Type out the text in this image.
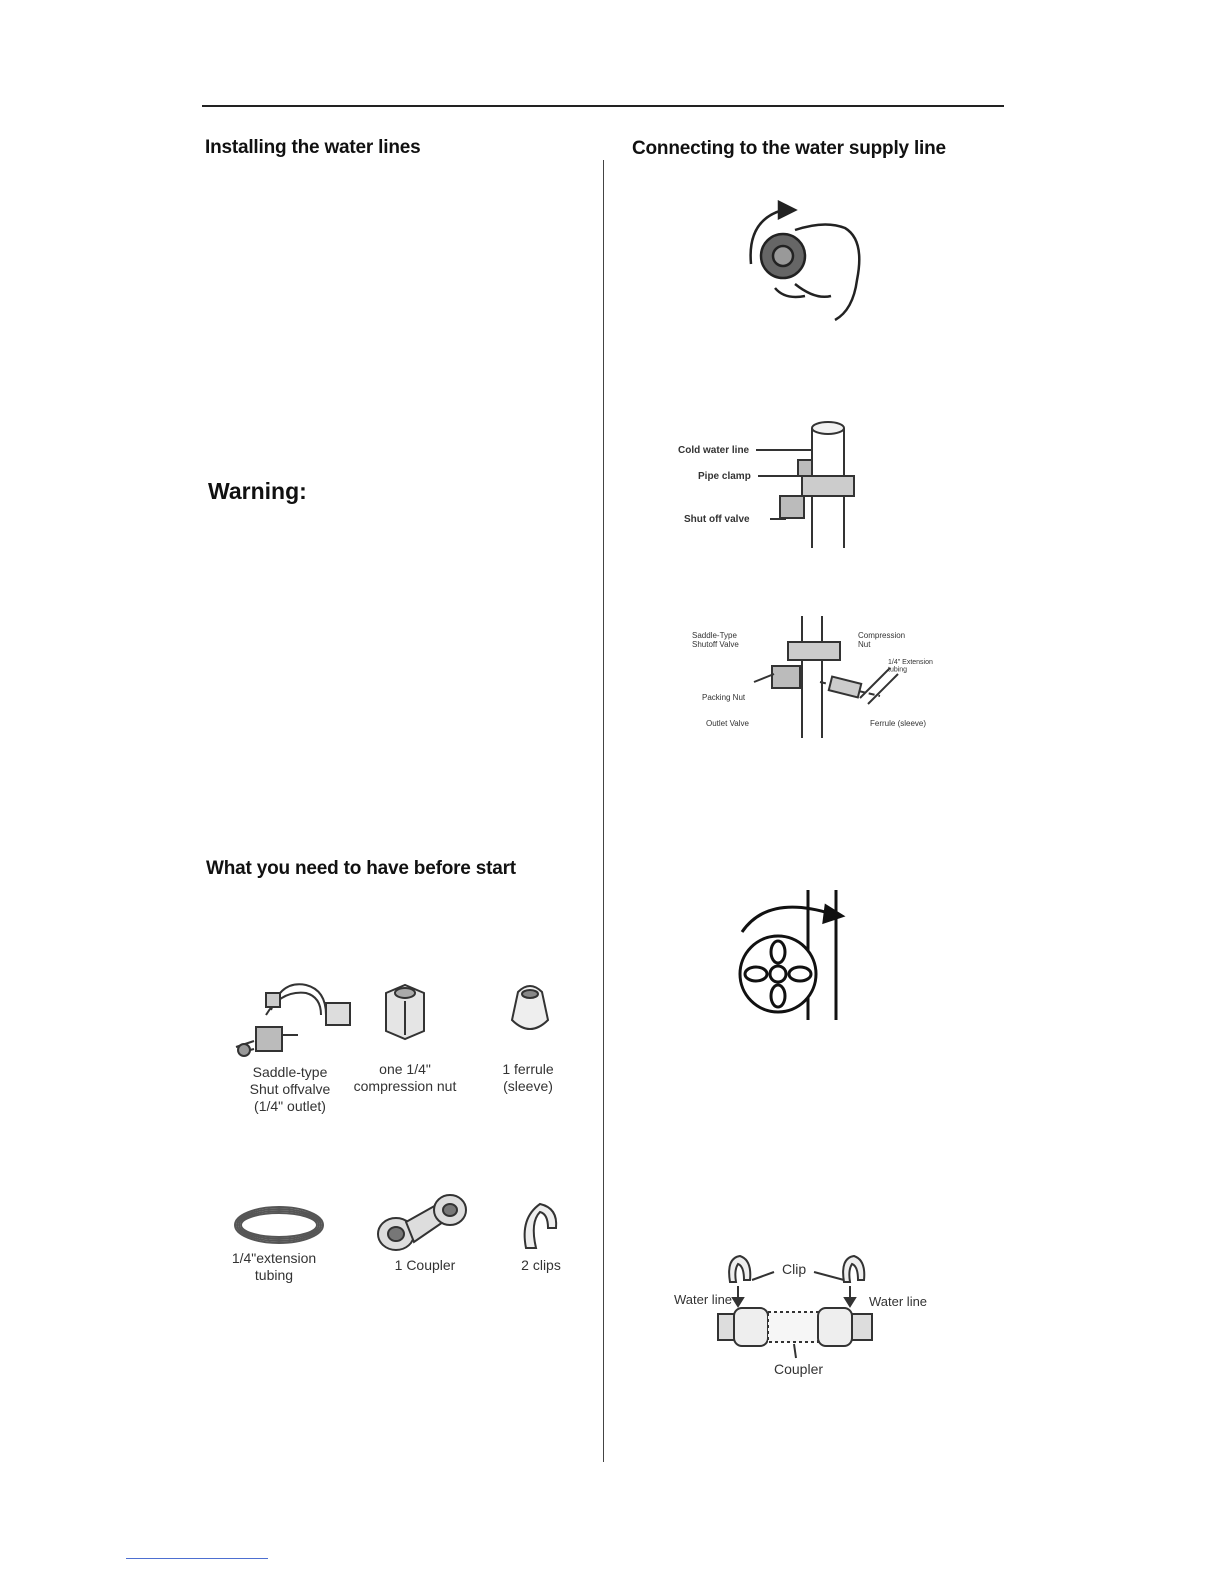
Installing the water lines
Warning:
What you need to have before start
Saddle-type
Shut offvalve
(1/4" outlet)
one 1/4"
compression nut
1 ferrule
(sleeve)
1/4"extension
tubing
1 Coupler	2 clips
Connecting to the water supply line
Cold water line
Pipe clamp
Shut off valve
Saddle-Type Shutoff Valve
Compression Nut
1/4" Extension tubing
Packing Nut
Outlet Valve	Ferrule (sleeve)
Clip
Water line	Water line
Coupler
